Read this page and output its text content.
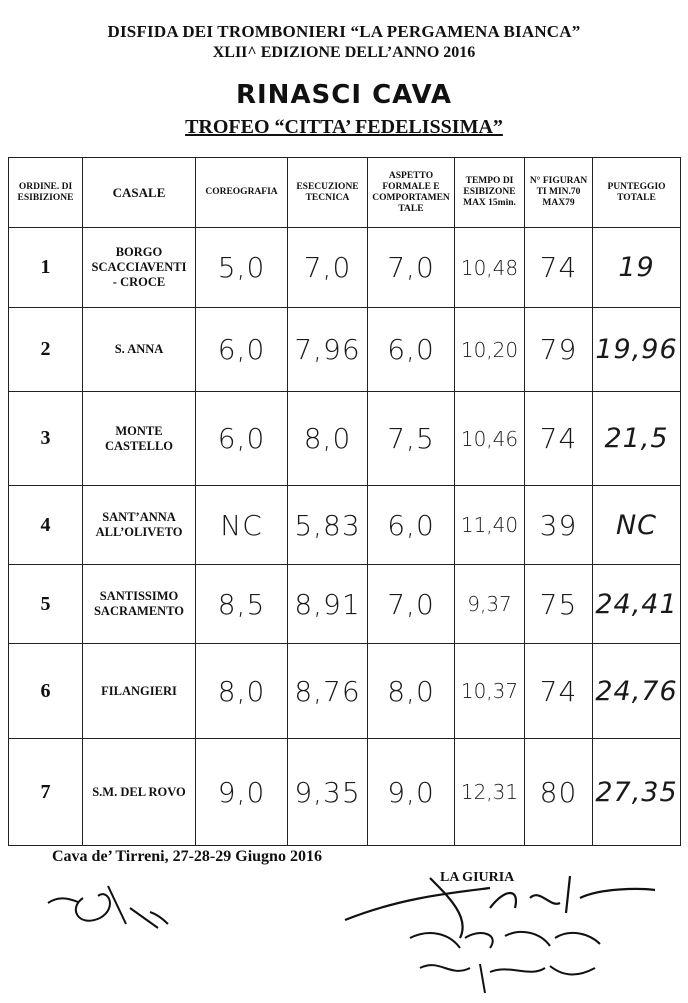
DISFIDA DEI TROMBONIERI “LA PERGAMENA BIANCA”
XLII^ EDIZIONE DELL’ANNO 2016
RINASCI CAVA
TROFEO “CITTA’ FEDELISSIMA”
ORDINE. DI ESIBIZIONE	CASALE	COREOGRAFIA	ESECUZIONE TECNICA	ASPETTO FORMALE E COMPORTAMEN TALE	TEMPO DI ESIBIZONE MAX 15min.	N° FIGURAN TI MIN.70 MAX79	PUNTEGGIO TOTALE
1	BORGO
SCACCIAVENTI
- CROCE	5,0	7,0	7,0	10,48	74	19
2	S. ANNA	6,0	7,96	6,0	10,20	79	19,96
3	MONTE
CASTELLO	6,0	8,0	7,5	10,46	74	21,5
4	SANT’ANNA
ALL’OLIVETO	NC	5,83	6,0	11,40	39	NC
5	SANTISSIMO
SACRAMENTO	8,5	8,91	7,0	9,37	75	24,41
6	FILANGIERI	8,0	8,76	8,0	10,37	74	24,76
7	S.M. DEL ROVO	9,0	9,35	9,0	12,31	80	27,35
Cava de’ Tirreni, 27-28-29 Giugno 2016
LA GIURIA
